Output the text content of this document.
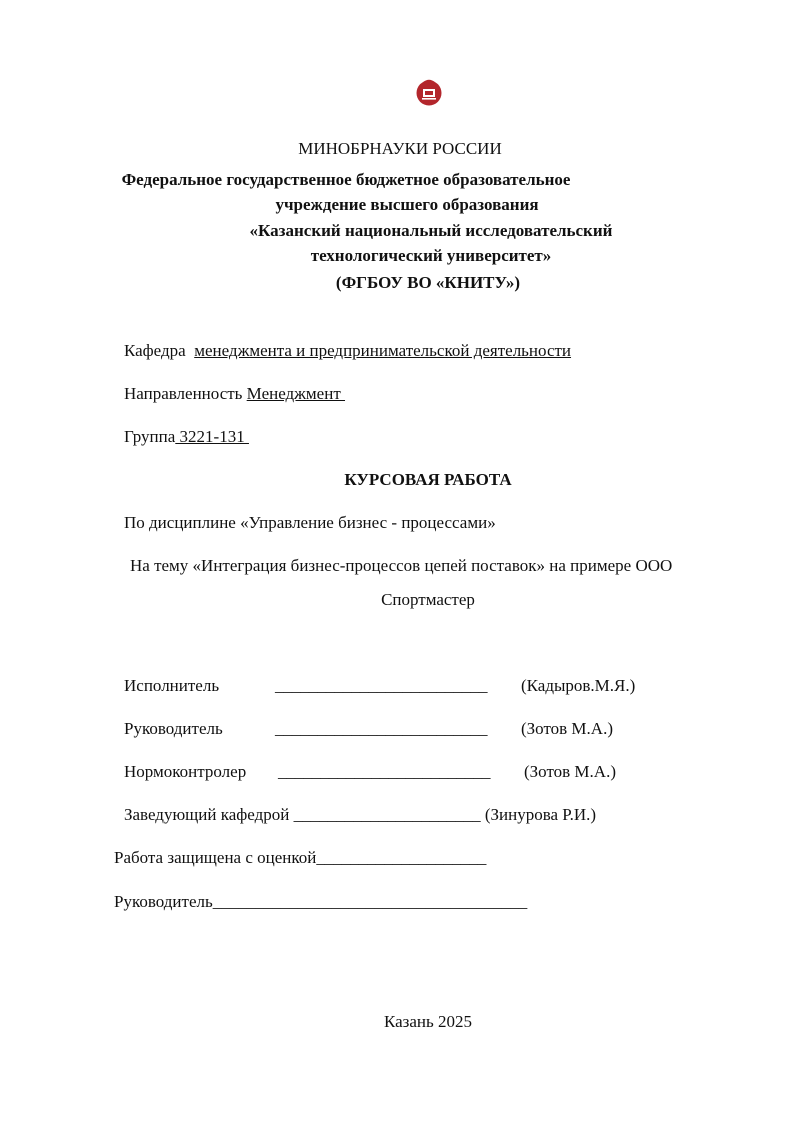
МИНОБРНАУКИ РОССИИ
Федеральное государственное бюджетное образовательное
учреждение высшего образования
«Казанский национальный исследовательский
технологический университет»
(ФГБОУ ВО «КНИТУ»)
Кафедра менеджмента и предпринимательской деятельности
Направленность Менеджмент
Группа 3221-131
КУРСОВАЯ РАБОТА
По дисциплине «Управление бизнес - процессами»
На тему «Интеграция бизнес-процессов цепей поставок» на примере ООО
Спортмастер
Исполнитель	_________________________ (Кадыров.М.Я.)
Руководитель	_________________________ (Зотов М.А.)
Нормоконтролер _________________________ (Зотов М.А.)
Заведующий кафедрой ______________________ (Зинурова Р.И.)
Работа защищена с оценкой____________________
Руководитель_____________________________________
Казань 2025
